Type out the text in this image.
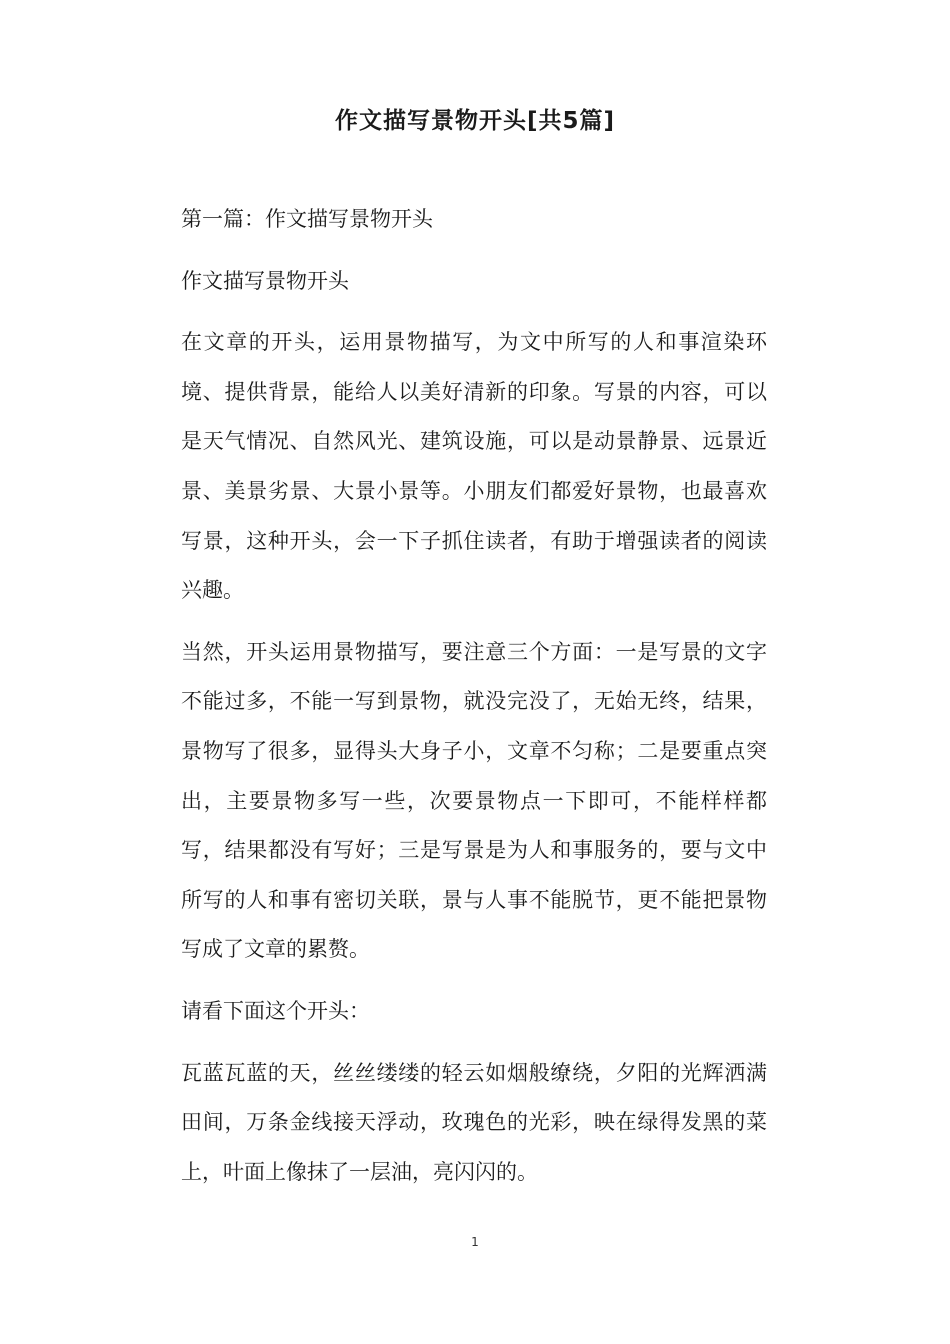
作文描写景物开头[共5篇]

第一篇：作文描写景物开头

作文描写景物开头

在文章的开头，运用景物描写，为文中所写的人和事渲染环境、提供背景，能给人以美好清新的印象。写景的内容，可以是天气情况、自然风光、建筑设施，可以是动景静景、远景近景、美景劣景、大景小景等。小朋友们都爱好景物，也最喜欢写景，这种开头，会一下子抓住读者，有助于增强读者的阅读兴趣。

当然，开头运用景物描写，要注意三个方面：一是写景的文字不能过多，不能一写到景物，就没完没了，无始无终，结果，景物写了很多，显得头大身子小，文章不匀称；二是要重点突出，主要景物多写一些，次要景物点一下即可，不能样样都写，结果都没有写好；三是写景是为人和事服务的，要与文中所写的人和事有密切关联，景与人事不能脱节，更不能把景物写成了文章的累赘。

请看下面这个开头：

瓦蓝瓦蓝的天，丝丝缕缕的轻云如烟般缭绕，夕阳的光辉洒满田间，万条金线接天浮动，玫瑰色的光彩，映在绿得发黑的菜上，叶面上像抹了一层油，亮闪闪的。

1
